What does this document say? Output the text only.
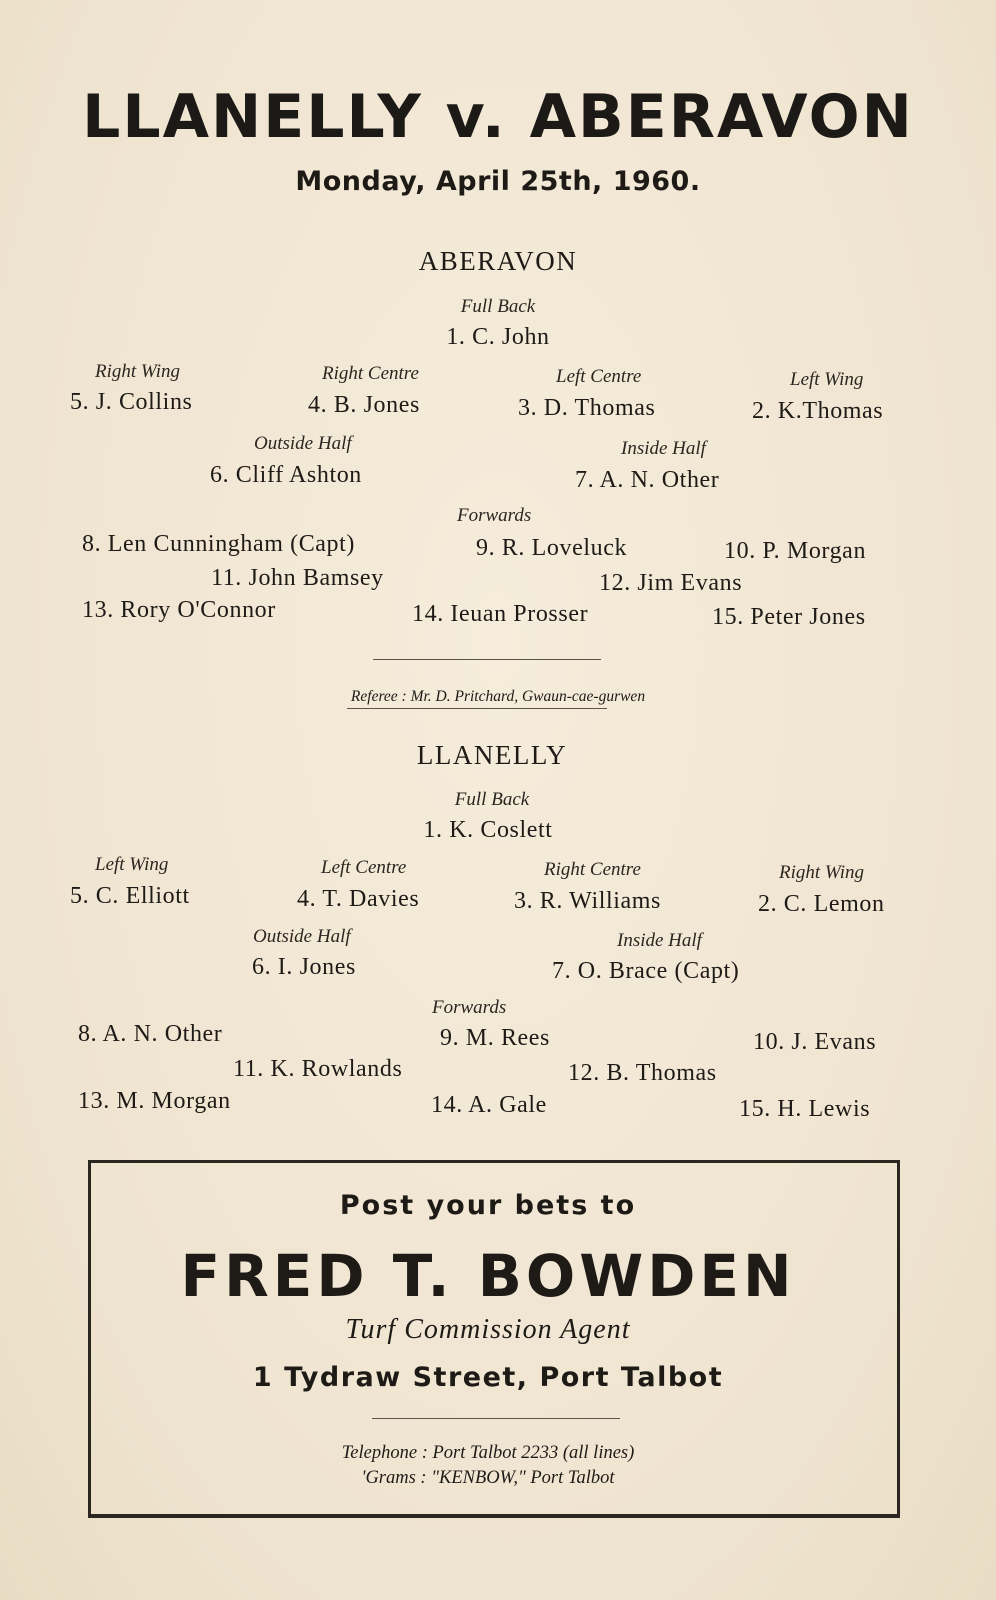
LLANELLY v. ABERAVON
Monday, April 25th, 1960.
ABERAVON
Full Back
1. C. John
Right Wing
5. J. Collins
Right Centre
4. B. Jones
Left Centre
3. D. Thomas
Left Wing
2. K.Thomas
Outside Half
6. Cliff Ashton
Inside Half
7. A. N. Other
Forwards
8. Len Cunningham (Capt)	9. R. Loveluck	10. P. Morgan
11. John Bamsey	12. Jim Evans
13. Rory O'Connor	14. Ieuan Prosser	15. Peter Jones
Referee : Mr. D. Pritchard, Gwaun-cae-gurwen
LLANELLY
Full Back
1. K. Coslett
Left Wing
5. C. Elliott
Left Centre
4. T. Davies
Right Centre
3. R. Williams
Right Wing
2. C. Lemon
Outside Half
6. I. Jones
Inside Half
7. O. Brace (Capt)
Forwards
8. A. N. Other	9. M. Rees	10. J. Evans
11. K. Rowlands	12. B. Thomas
13. M. Morgan	14. A. Gale	15. H. Lewis
Post your bets to
FRED T. BOWDEN
Turf Commission Agent
1 Tydraw Street, Port Talbot
Telephone : Port Talbot 2233 (all lines)
'Grams : "KENBOW," Port Talbot
